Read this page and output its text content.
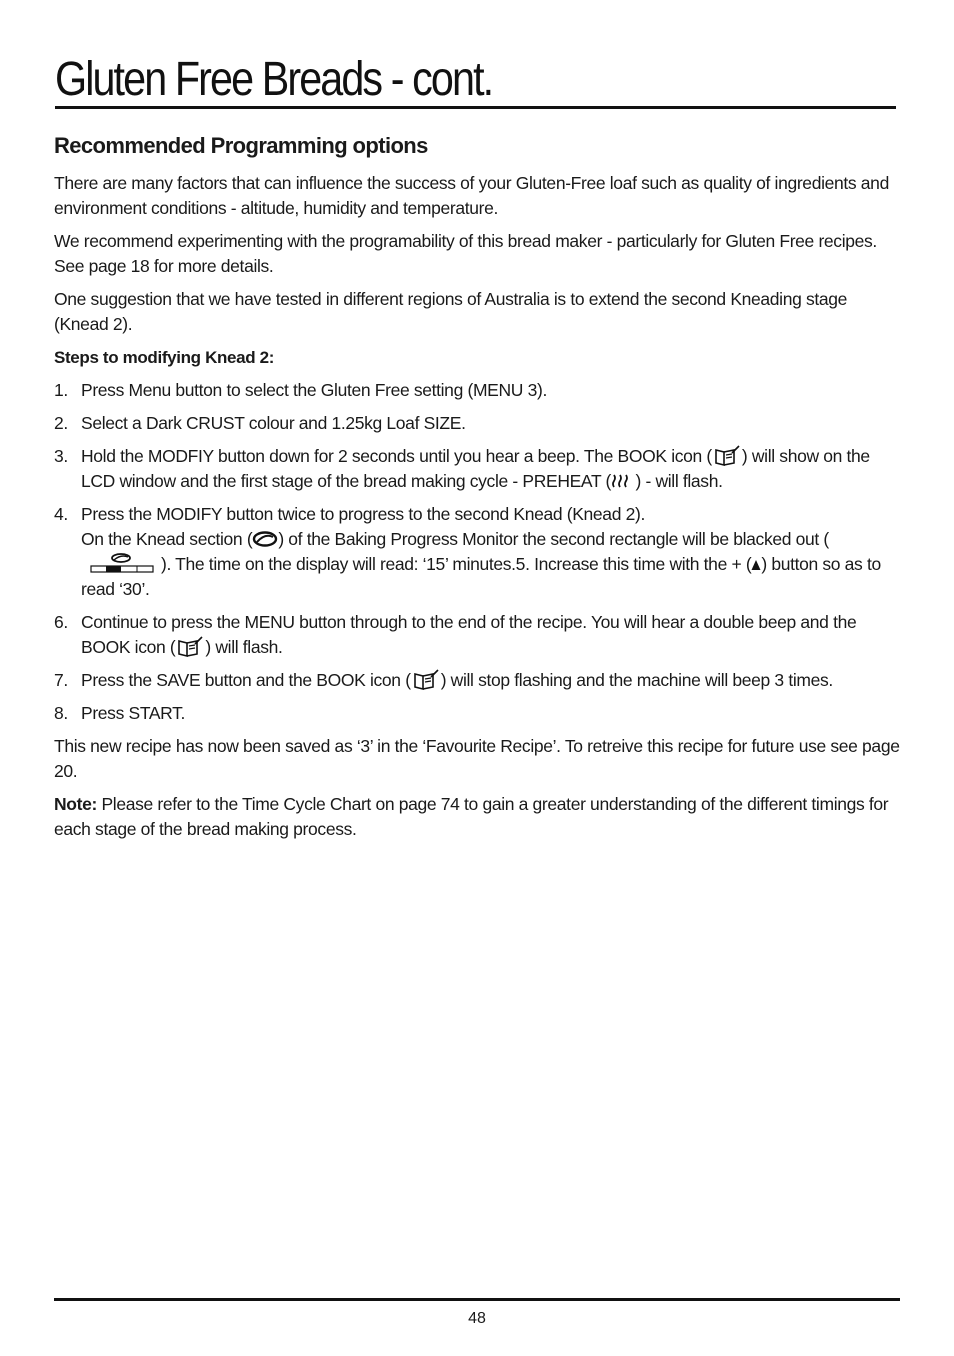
Gluten Free Breads - cont.
Recommended Programming options

There are many factors that can influence the success of your Gluten-Free loaf such as quality of ingredients and environment conditions - altitude, humidity and temperature.

We recommend experimenting with the programability of this bread maker - particularly for Gluten Free recipes. See page 18 for more details.

One suggestion that we have tested in different regions of Australia is to extend the second Kneading stage (Knead 2).

Steps to modifying Knead 2:

1. Press Menu button to select the Gluten Free setting (MENU 3).
2. Select a Dark CRUST colour and 1.25kg Loaf SIZE.
3. Hold the MODFIY button down for 2 seconds until you hear a beep. The BOOK icon ( ) will show on the LCD window and the first stage of the bread making cycle - PREHEAT ( ) - will flash.
4. Press the MODIFY button twice to progress to the second Knead (Knead 2).
On the Knead section ( ) of the Baking Progress Monitor the second rectangle will be blacked out (). The time on the display will read: ‘15’ minutes.5. Increase this time with the + ( ) button so as to read ‘30’.
6. Continue to press the MENU button through to the end of the recipe. You will hear a double beep and the BOOK icon ( ) will flash.
7. Press the SAVE button and the BOOK icon ( ) will stop flashing and the machine will beep 3 times.
8. Press START.

This new recipe has now been saved as ‘3’ in the ‘Favourite Recipe’. To retreive this recipe for future use see page 20.

Note: Please refer to the Time Cycle Chart on page 74 to gain a greater understanding of the different timings for each stage of the bread making process.

48
